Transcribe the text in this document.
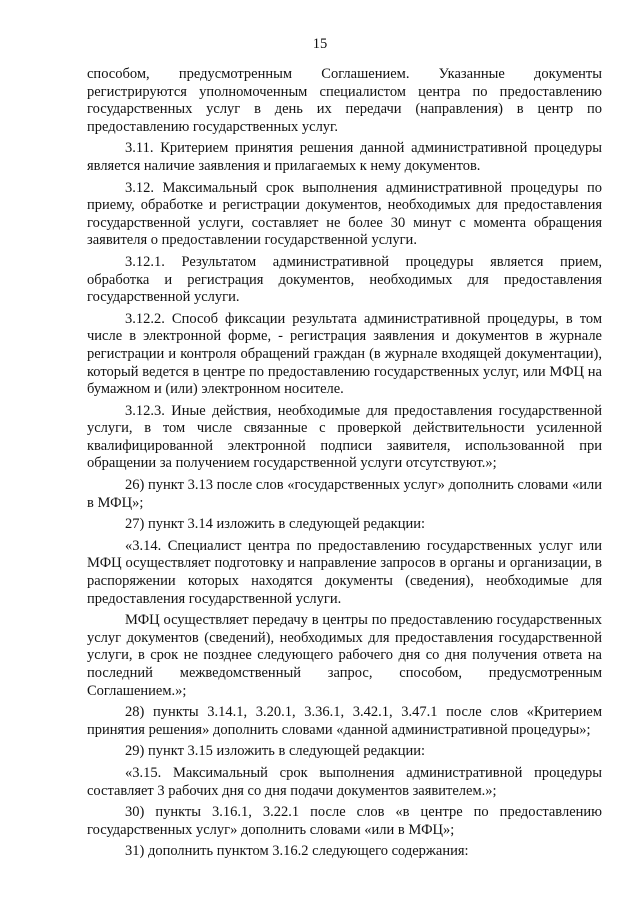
15

способом, предусмотренным Соглашением. Указанные документы регистрируются уполномоченным специалистом центра по предоставлению государственных услуг в день их передачи (направления) в центр по предоставлению государственных услуг.

3.11. Критерием принятия решения данной административной процедуры является наличие заявления и прилагаемых к нему документов.

3.12. Максимальный срок выполнения административной процедуры по приему, обработке и регистрации документов, необходимых для предоставления государственной услуги, составляет не более 30 минут с момента обращения заявителя о предоставлении государственной услуги.

3.12.1. Результатом административной процедуры является прием, обработка и регистрация документов, необходимых для предоставления государственной услуги.

3.12.2. Способ фиксации результата административной процедуры, в том числе в электронной форме, - регистрация заявления и документов в журнале регистрации и контроля обращений граждан (в журнале входящей документации), который ведется в центре по предоставлению государственных услуг, или МФЦ на бумажном и (или) электронном носителе.

3.12.3. Иные действия, необходимые для предоставления государственной услуги, в том числе связанные с проверкой действительности усиленной квалифицированной электронной подписи заявителя, использованной при обращении за получением государственной услуги отсутствуют.»;

26) пункт 3.13 после слов «государственных услуг» дополнить словами «или в МФЦ»;

27) пункт 3.14 изложить в следующей редакции:

«3.14. Специалист центра по предоставлению государственных услуг или МФЦ осуществляет подготовку и направление запросов в органы и организации, в распоряжении которых находятся документы (сведения), необходимые для предоставления государственной услуги.

МФЦ осуществляет передачу в центры по предоставлению государственных услуг документов (сведений), необходимых для предоставления государственной услуги, в срок не позднее следующего рабочего дня со дня получения ответа на последний межведомственный запрос, способом, предусмотренным Соглашением.»;

28) пункты 3.14.1, 3.20.1, 3.36.1, 3.42.1, 3.47.1 после слов «Критерием принятия решения» дополнить словами «данной административной процедуры»;

29) пункт 3.15 изложить в следующей редакции:

«3.15. Максимальный срок выполнения административной процедуры составляет 3 рабочих дня со дня подачи документов заявителем.»;

30) пункты 3.16.1, 3.22.1 после слов «в центре по предоставлению государственных услуг» дополнить словами «или в МФЦ»;

31) дополнить пунктом 3.16.2 следующего содержания:
